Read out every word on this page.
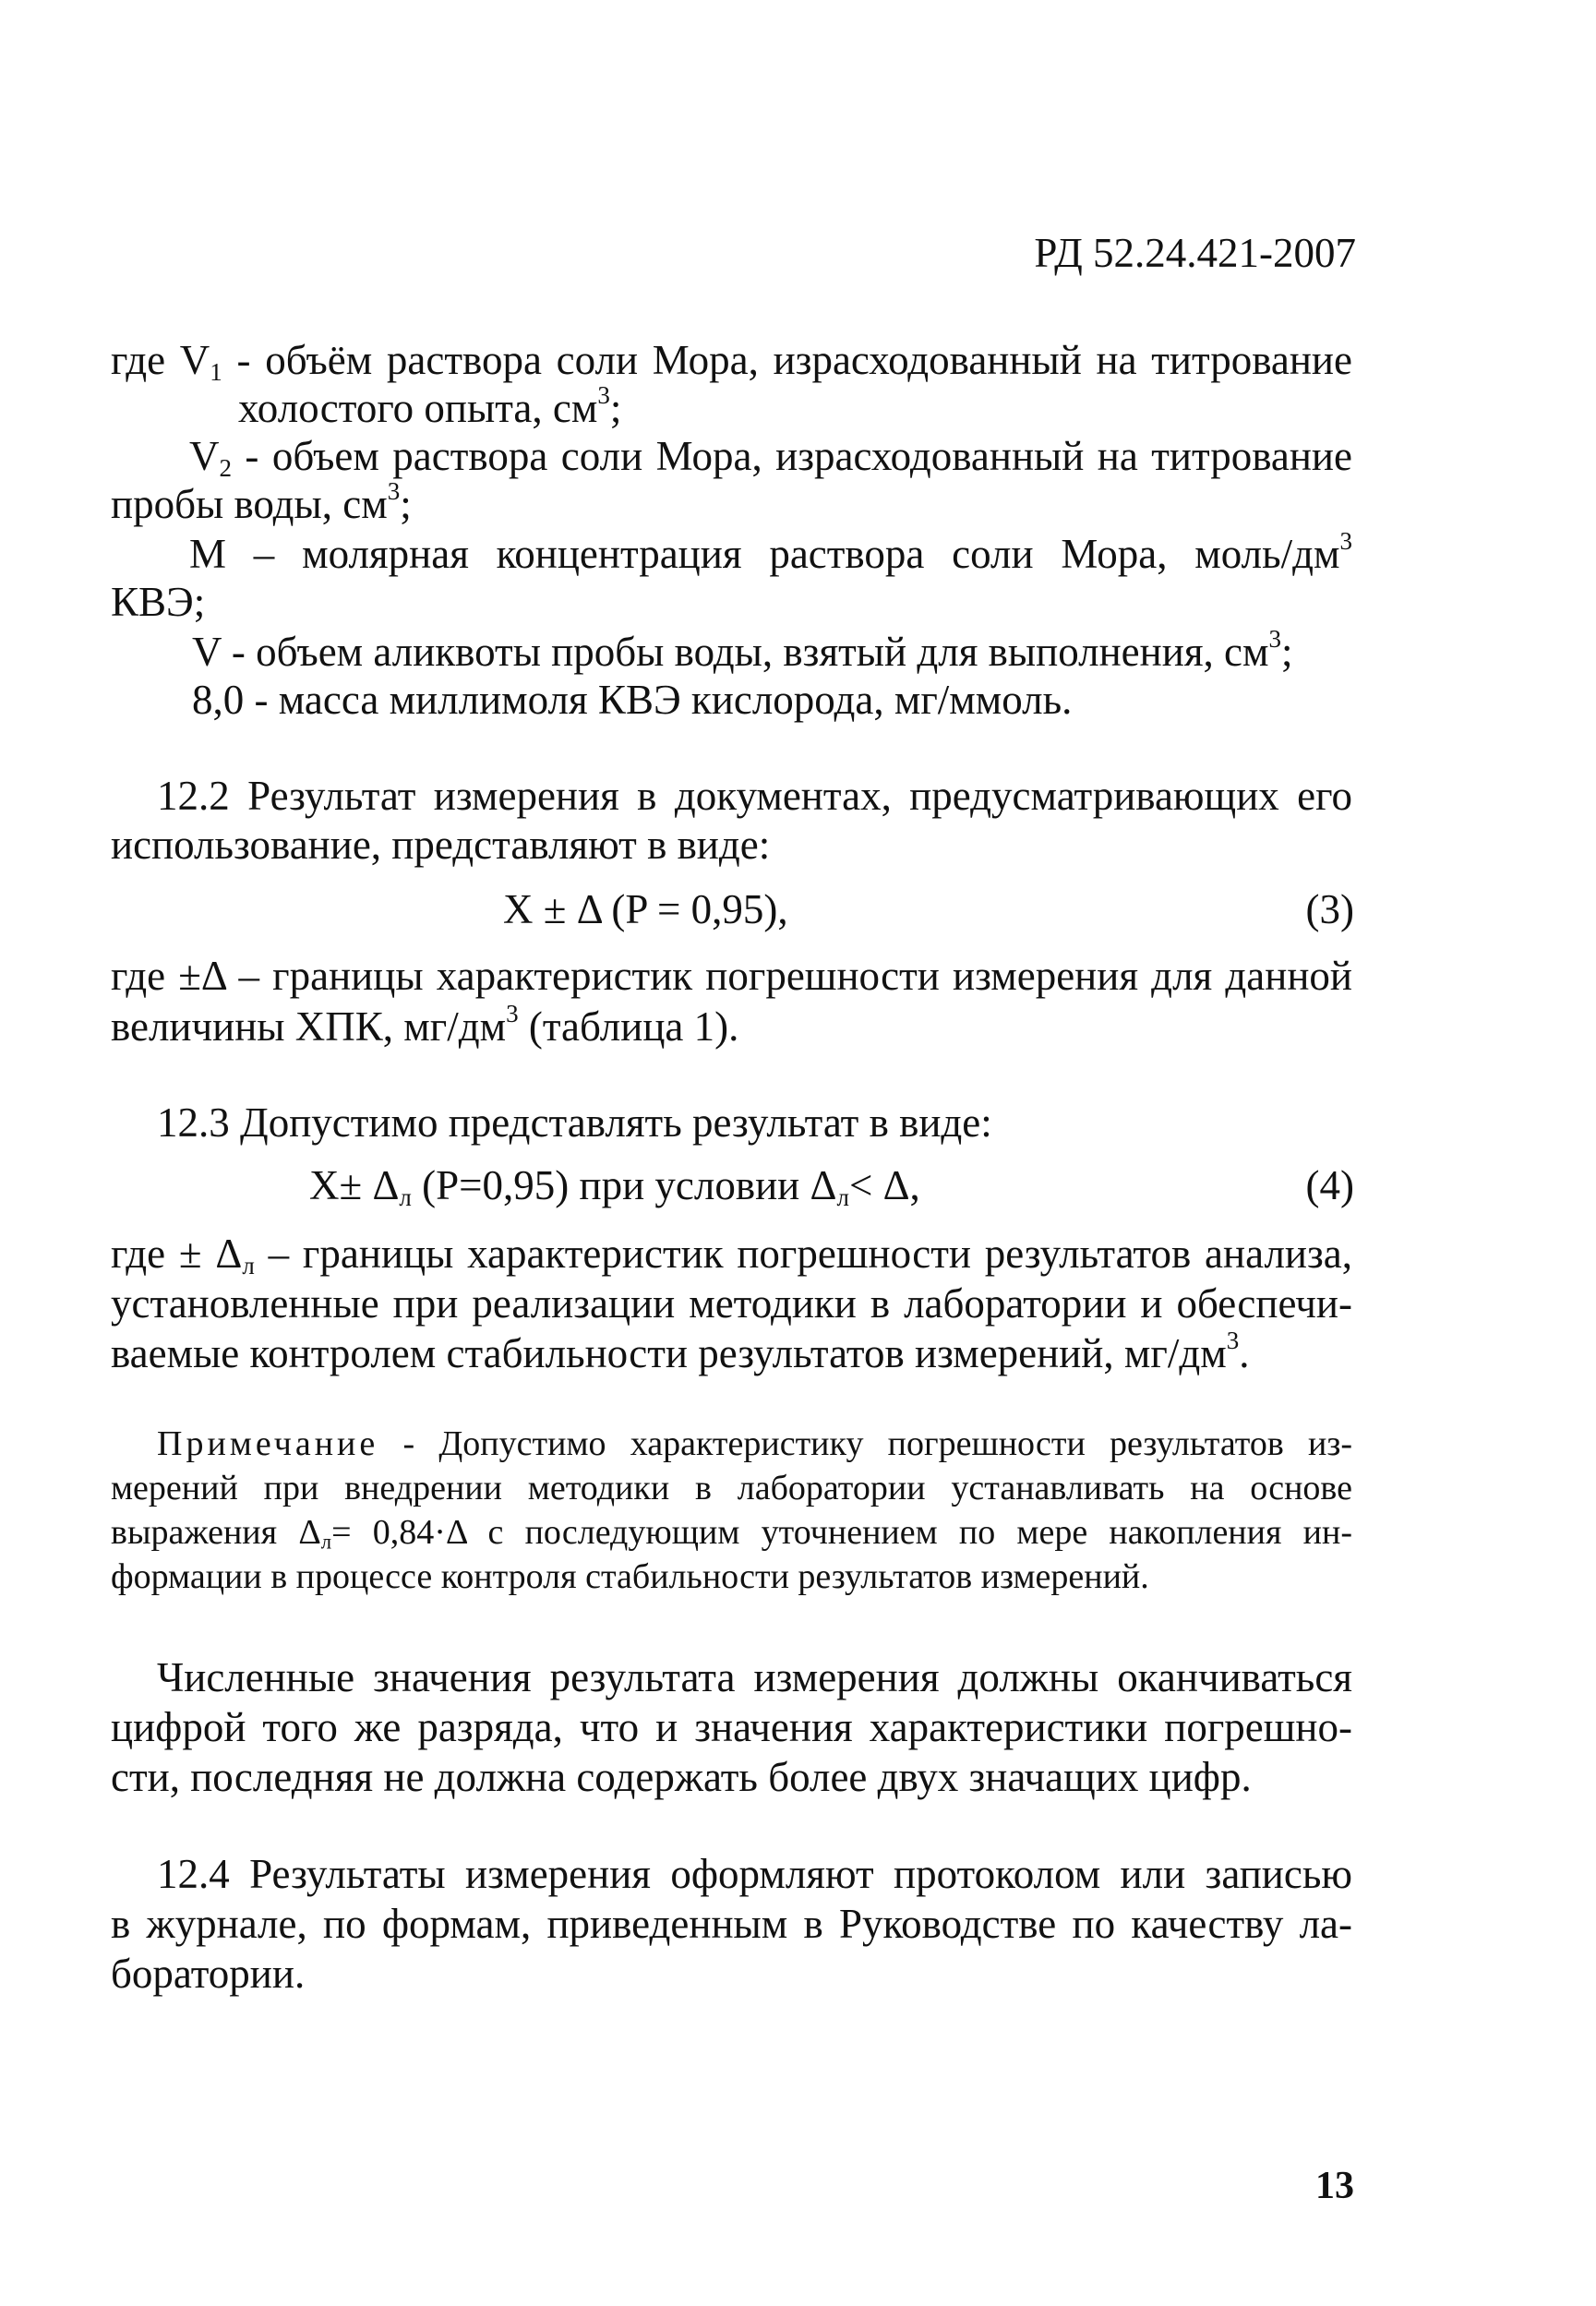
РД 52.24.421-2007
где $V_1$ - объём раствора соли Мора, израсходованный на титрование
холостого опыта, $см^3$;
$V_2$ - объем раствора соли Мора, израсходованный на титрование
пробы воды, $см^3$;
М – молярная концентрация раствора соли Мора, моль/$дм^3$
КВЭ;
V - объем аликвоты пробы воды, взятый для выполнения, $см^3$;
8,0 - масса миллимоля КВЭ кислорода, мг/ммоль.
12.2 Результат измерения в документах, предусматривающих его
использование, представляют в виде:
X ± Δ (P = 0,95),	(3)
где ±Δ – границы характеристик погрешности измерения для данной
величины ХПК, $мг/дм^3$ (таблица 1).
12.3 Допустимо представлять результат в виде:
$X\pm \Delta_л$ (P=0,95) при условии $\Delta_л< \Delta$,	(4)
где ± $\Delta_л$ – границы характеристик погрешности результатов анализа,
установленные при реализации методики в лаборатории и обеспечи-
ваемые контролем стабильности результатов измерений, $мг/дм^3$.
Примечание - Допустимо характеристику погрешности результатов из-
мерений при внедрении методики в лаборатории устанавливать на основе
выражения $\Delta_л= 0,84\cdot\Delta$ с последующим уточнением по мере накопления ин-
формации в процессе контроля стабильности результатов измерений.
Численные значения результата измерения должны оканчиваться
цифрой того же разряда, что и значения характеристики погрешно-
сти, последняя не должна содержать более двух значащих цифр.
12.4 Результаты измерения оформляют протоколом или записью
в журнале, по формам, приведенным в Руководстве по качеству ла-
боратории.
13
